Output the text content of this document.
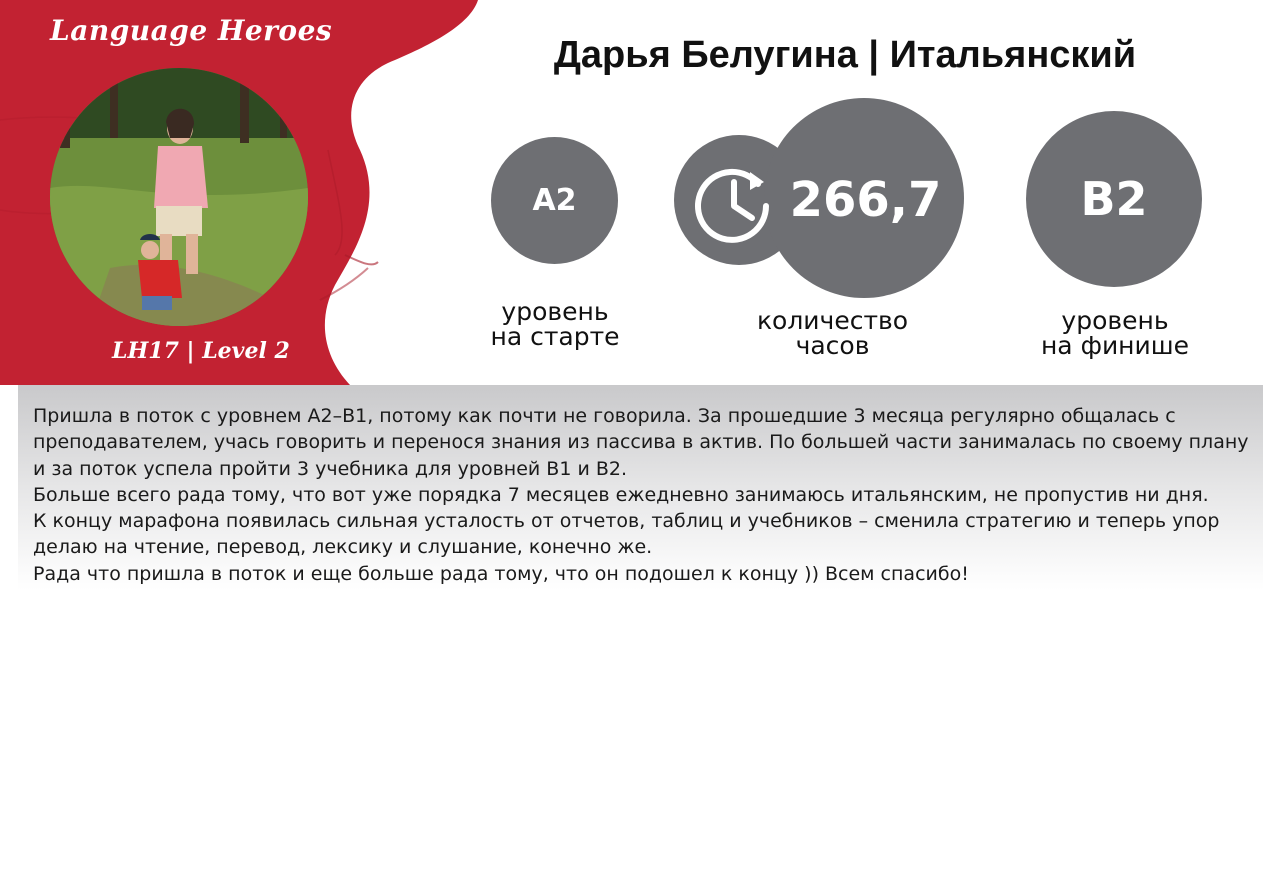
Language Heroes
LH17 | Level 2
Дарья Белугина | Итальянский
A2
уровень
на старте
266,7
количество
часов
B2
уровень
на финише

Пришла в поток с уровнем А2–В1, потому как почти не говорила. За прошедшие 3 месяца регулярно общалась с преподавателем, учась говорить и перенося знания из пассива в актив. По большей части занималась по своему плану и за поток успела пройти 3 учебника для уровней В1 и В2.

Больше всего рада тому, что вот уже порядка 7 месяцев ежедневно занимаюсь итальянским, не пропустив ни дня.

К концу марафона появилась сильная усталость от отчетов, таблиц и учебников – сменила стратегию и теперь упор делаю на чтение, перевод, лексику и слушание, конечно же.

Рада что пришла в поток и еще больше рада тому, что он подошел к концу )) Всем спасибо!
